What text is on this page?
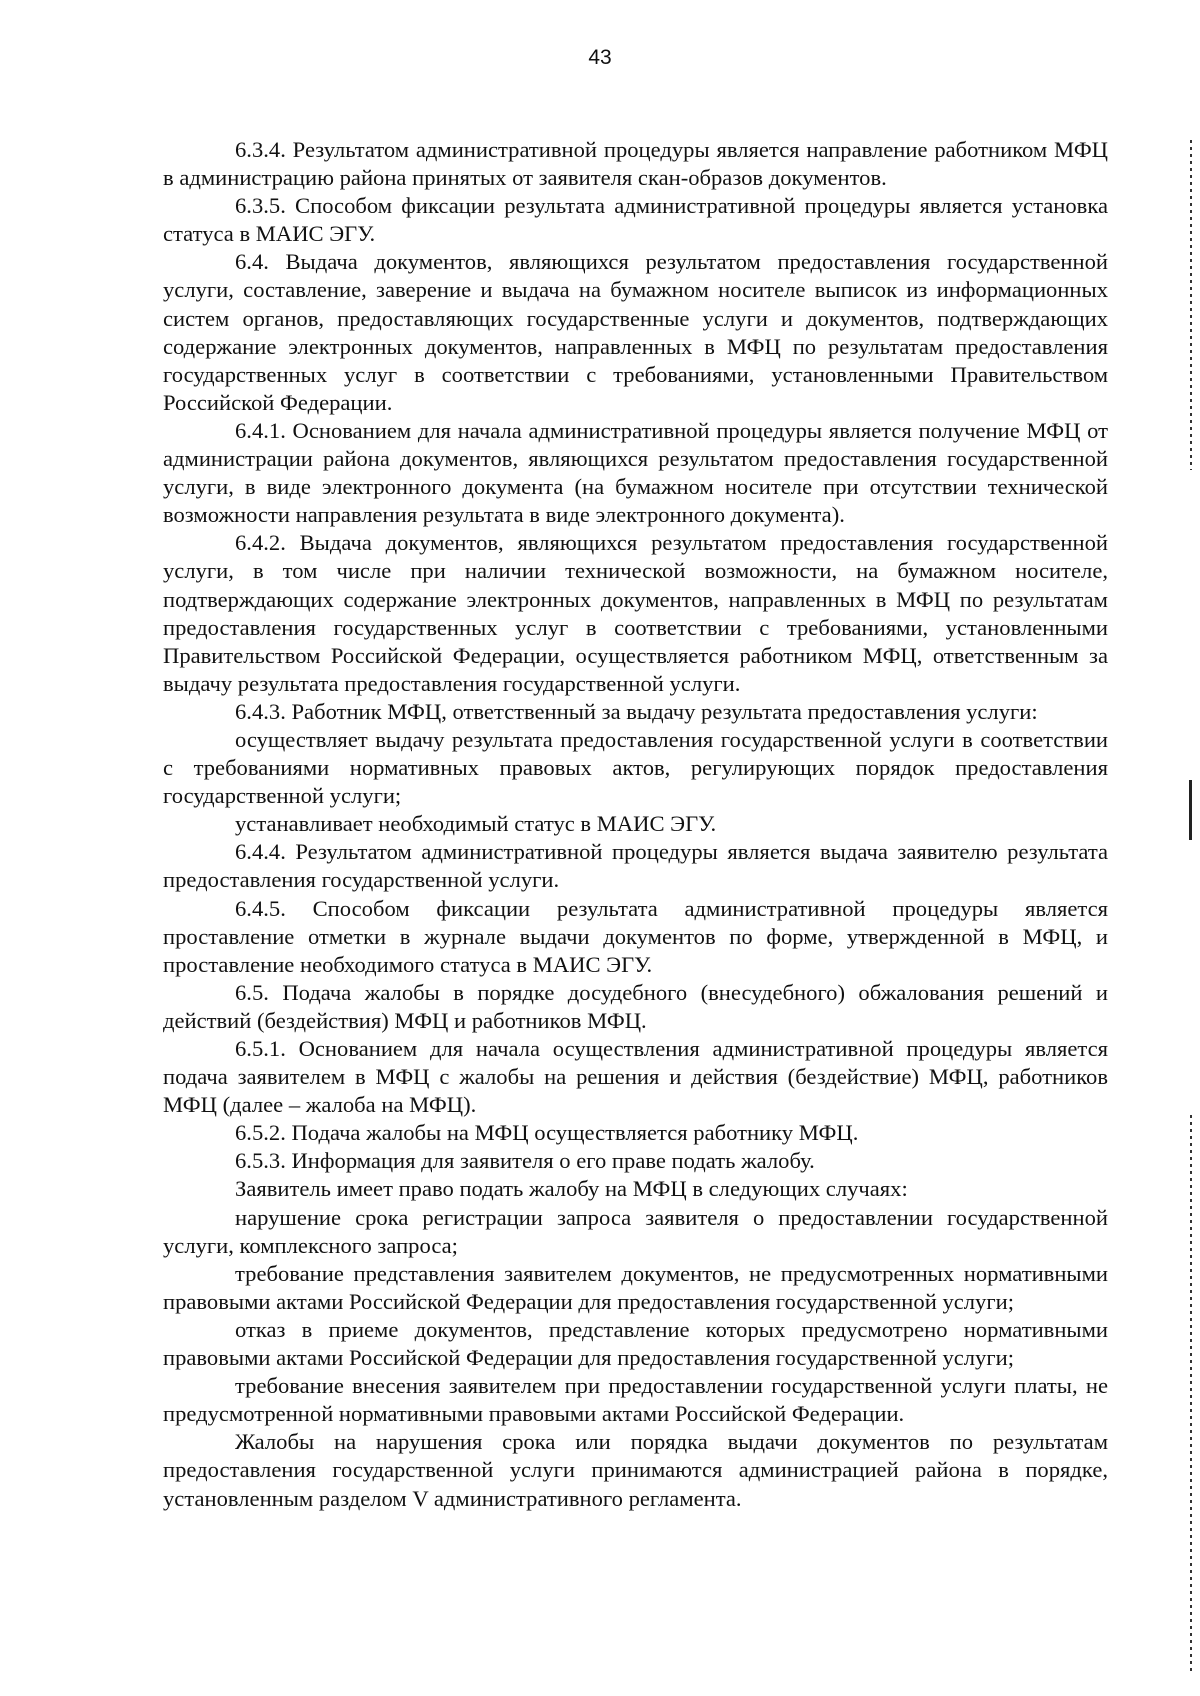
43

6.3.4. Результатом административной процедуры является направление работником МФЦ в администрацию района принятых от заявителя скан-образов документов.

6.3.5. Способом фиксации результата административной процедуры является установка статуса в МАИС ЭГУ.

6.4. Выдача документов, являющихся результатом предоставления государственной услуги, составление, заверение и выдача на бумажном носителе выписок из информационных систем органов, предоставляющих государственные услуги и документов, подтверждающих содержание электронных документов, направленных в МФЦ по результатам предоставления государственных услуг в соответствии с требованиями, установленными Правительством Российской Федерации.

6.4.1. Основанием для начала административной процедуры является получение МФЦ от администрации района документов, являющихся результатом предоставления государственной услуги, в виде электронного документа (на бумажном носителе при отсутствии технической возможности направления результата в виде электронного документа).

6.4.2. Выдача документов, являющихся результатом предоставления государственной услуги, в том числе при наличии технической возможности, на бумажном носителе, подтверждающих содержание электронных документов, направленных в МФЦ по результатам предоставления государственных услуг в соответствии с требованиями, установленными Правительством Российской Федерации, осуществляется работником МФЦ, ответственным за выдачу результата предоставления государственной услуги.

6.4.3. Работник МФЦ, ответственный за выдачу результата предоставления услуги:

осуществляет выдачу результата предоставления государственной услуги в соответствии с требованиями нормативных правовых актов, регулирующих порядок предоставления государственной услуги;

устанавливает необходимый статус в МАИС ЭГУ.

6.4.4. Результатом административной процедуры является выдача заявителю результата предоставления государственной услуги.

6.4.5. Способом фиксации результата административной процедуры является проставление отметки в журнале выдачи документов по форме, утвержденной в МФЦ, и проставление необходимого статуса в МАИС ЭГУ.

6.5. Подача жалобы в порядке досудебного (внесудебного) обжалования решений и действий (бездействия) МФЦ и работников МФЦ.

6.5.1. Основанием для начала осуществления административной процедуры является подача заявителем в МФЦ с жалобы на решения и действия (бездействие) МФЦ, работников МФЦ (далее – жалоба на МФЦ).

6.5.2. Подача жалобы на МФЦ осуществляется работнику МФЦ.

6.5.3. Информация для заявителя о его праве подать жалобу.

Заявитель имеет право подать жалобу на МФЦ в следующих случаях:

нарушение срока регистрации запроса заявителя о предоставлении государственной услуги, комплексного запроса;

требование представления заявителем документов, не предусмотренных нормативными правовыми актами Российской Федерации для предоставления государственной услуги;

отказ в приеме документов, представление которых предусмотрено нормативными правовыми актами Российской Федерации для предоставления государственной услуги;

требование внесения заявителем при предоставлении государственной услуги платы, не предусмотренной нормативными правовыми актами Российской Федерации.

Жалобы на нарушения срока или порядка выдачи документов по результатам предоставления государственной услуги принимаются администрацией района в порядке, установленным разделом V административного регламента.
